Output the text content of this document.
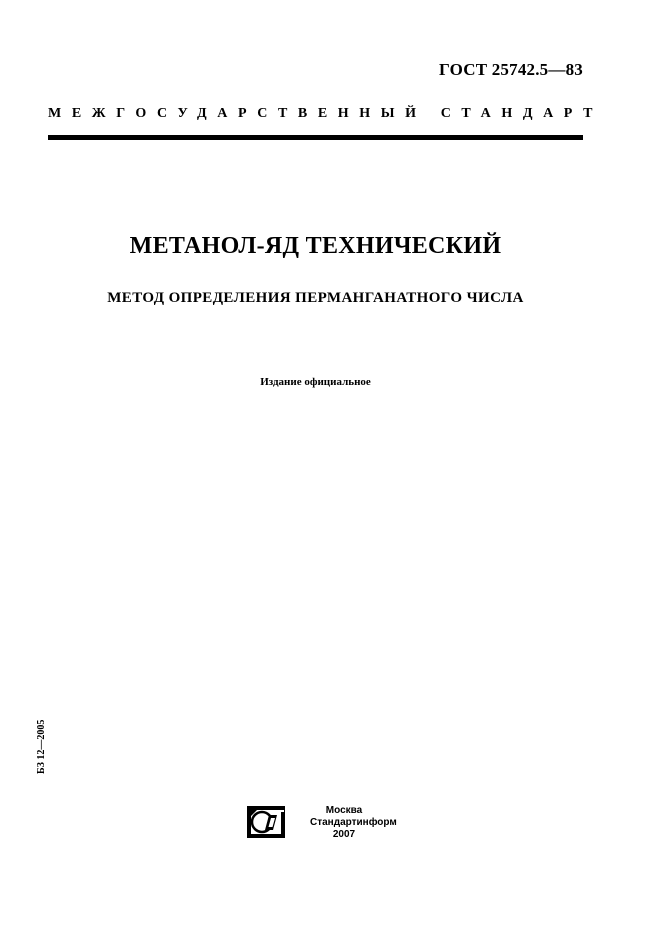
ГОСТ 25742.5—83
МЕЖГОСУДАРСТВЕННЫЙ СТАНДАРТ
МЕТАНОЛ-ЯД ТЕХНИЧЕСКИЙ
МЕТОД ОПРЕДЕЛЕНИЯ ПЕРМАНГАНАТНОГО ЧИСЛА
Издание официальное
БЗ 12—2005
Москва
Стандартинформ
2007
